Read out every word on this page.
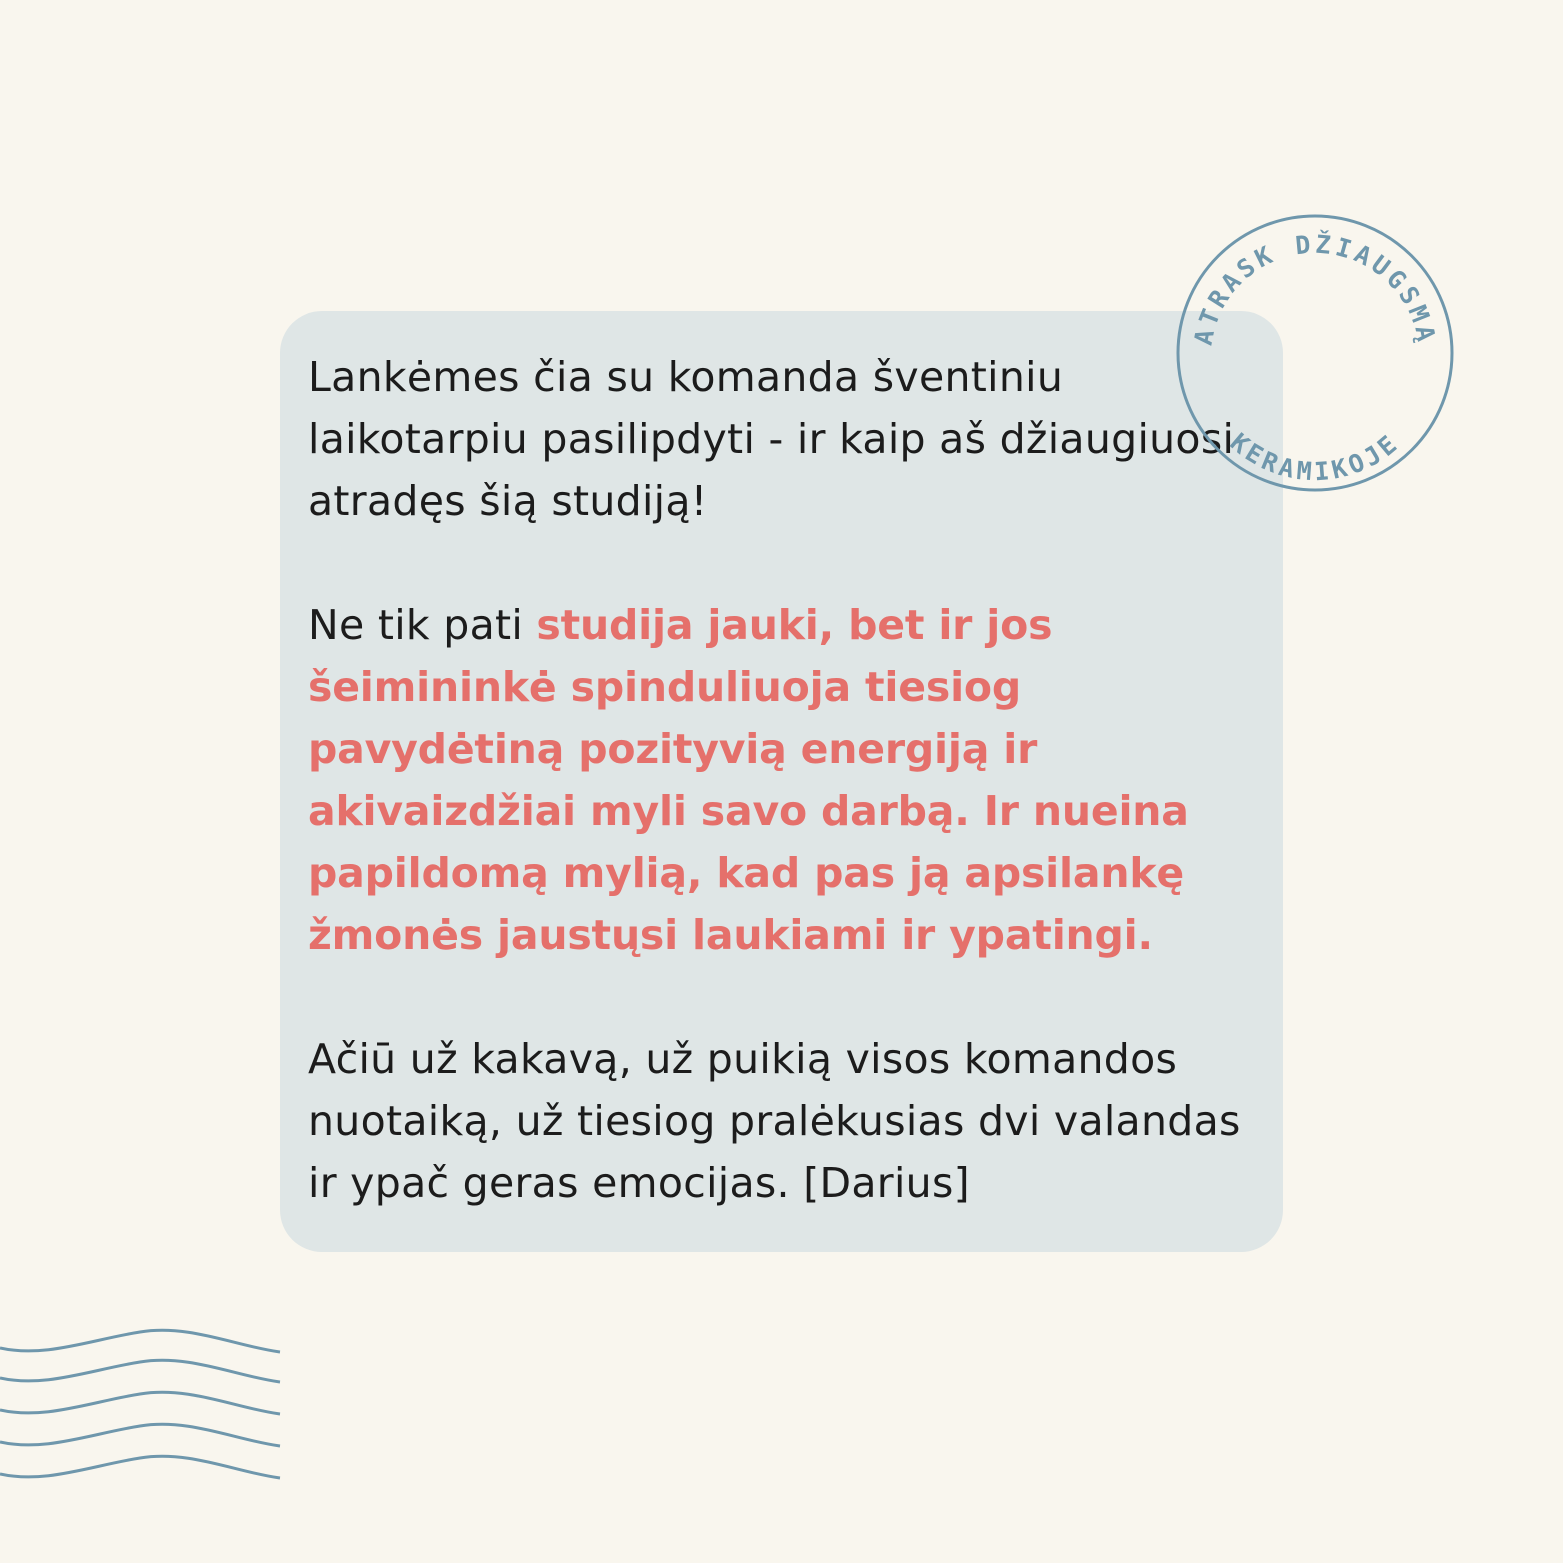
Lankėmes čia su komanda šventiniu laikotarpiu pasilipdyti - ir kaip aš džiaugiuosi atradęs šią studiją!

Ne tik pati studija jauki, bet ir jos šeimininkė spinduliuoja tiesiog pavydėtiną pozityvią energiją ir akivaizdžiai myli savo darbą. Ir nueina papildomą mylią, kad pas ją apsilankę žmonės jaustųsi laukiami ir ypatingi.

Ačiū už kakavą, už puikią visos komandos nuotaiką, už tiesiog pralėkusias dvi valandas ir ypač geras emocijas. [Darius]

ATRASK DŽIAUGSMĄ
KERAMIKOJE
